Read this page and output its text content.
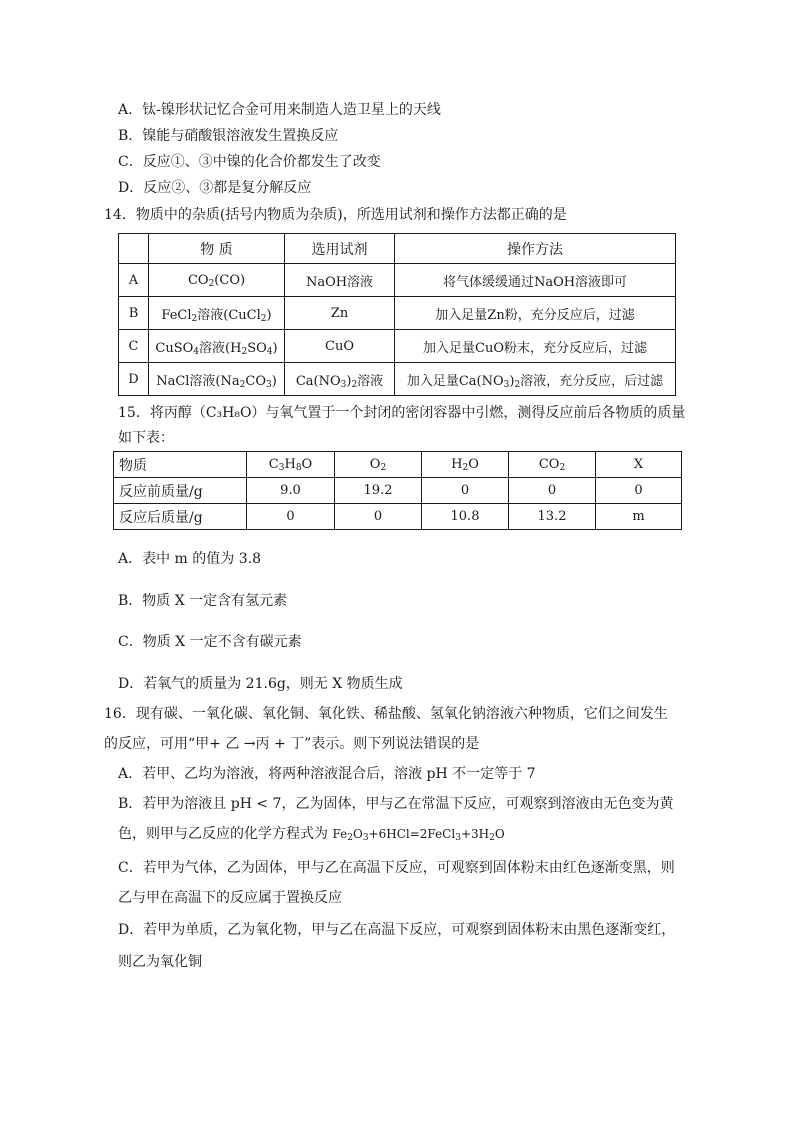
A．钛-镍形状记忆合金可用来制造人造卫星上的天线
B．镍能与硝酸银溶液发生置换反应
C．反应①、③中镍的化合价都发生了改变
D．反应②、③都是复分解反应
14．物质中的杂质(括号内物质为杂质)，所选用试剂和操作方法都正确的是
	物 质	选用试剂	操作方法
A	$CO_2(CO)$	NaOH溶液	将气体缓缓通过NaOH溶液即可
B	FeCl$_2$溶液(CuCl$_2$)	Zn	加入足量Zn粉，充分反应后，过滤
C	CuSO$_4$溶液$(H_2SO_4)$	CuO	加入足量CuO粉末，充分反应后，过滤
D	NaCl溶液$(Na_2CO_3)$	$Ca(NO_3)_2$溶液	加入足量$Ca(NO_3)_2$溶液，充分反应，后过滤
15．将丙醇（C₃H₈O）与氧气置于一个封闭的密闭容器中引燃，测得反应前后各物质的质量
如下表：
物质	$C_3H_8O$	$O_2$	$H_2O$	$CO_2$	X
反应前质量/g	9.0	19.2	0	0	0
反应后质量/g	0	0	10.8	13.2	m
A．表中 m 的值为 3.8
B．物质 X 一定含有氢元素
C．物质 X 一定不含有碳元素
D．若氧气的质量为 21.6g，则无 X 物质生成
16．现有碳、一氧化碳、氧化铜、氧化铁、稀盐酸、氢氧化钠溶液六种物质，它们之间发生
的反应，可用“甲+ 乙 →丙 + 丁”表示。则下列说法错误的是
A．若甲、乙均为溶液，将两种溶液混合后，溶液 pH 不一定等于 7
B．若甲为溶液且 pH < 7，乙为固体，甲与乙在常温下反应，可观察到溶液由无色变为黄
色，则甲与乙反应的化学方程式为 $Fe_2O_3+6HCl=2FeCl_3+3H_2O$
C．若甲为气体，乙为固体，甲与乙在高温下反应，可观察到固体粉末由红色逐渐变黑，则
乙与甲在高温下的反应属于置换反应
D．若甲为单质，乙为氧化物，甲与乙在高温下反应，可观察到固体粉末由黑色逐渐变红，
则乙为氧化铜
